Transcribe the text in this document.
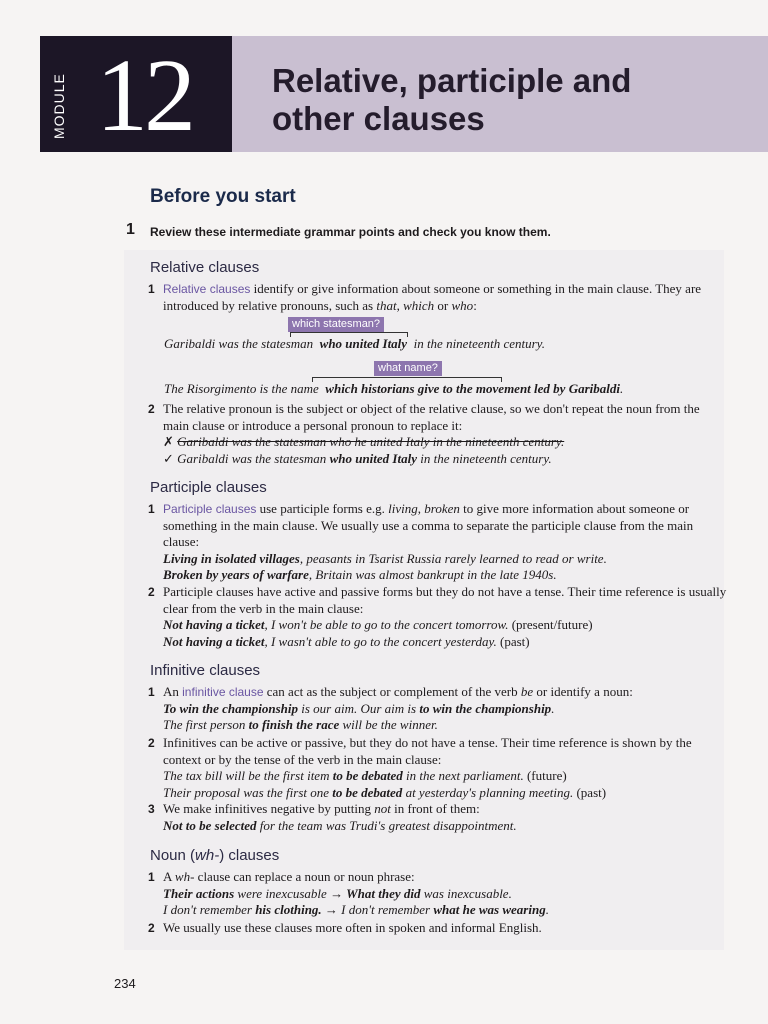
MODULE 12 Relative, participle and
other clauses
Before you start
1 Review these intermediate grammar points and check you know them.
Relative clauses
1 Relative clauses identify or give information about someone or something in the main clause. They are introduced by relative pronouns, such as that, which or who:
which statesman?
Garibaldi was the statesman who united Italy in the nineteenth century.
what name?
The Risorgimento is the name which historians give to the movement led by Garibaldi.
2 The relative pronoun is the subject or object of the relative clause, so we don't repeat the noun from the main clause or introduce a personal pronoun to replace it:
✗ Garibaldi was the statesman who he united Italy in the nineteenth century.
✓ Garibaldi was the statesman who united Italy in the nineteenth century.
Participle clauses
1 Participle clauses use participle forms e.g. living, broken to give more information about someone or something in the main clause. We usually use a comma to separate the participle clause from the main clause:
Living in isolated villages, peasants in Tsarist Russia rarely learned to read or write.
Broken by years of warfare, Britain was almost bankrupt in the late 1940s.
2 Participle clauses have active and passive forms but they do not have a tense. Their time reference is usually clear from the verb in the main clause:
Not having a ticket, I won't be able to go to the concert tomorrow. (present/future)
Not having a ticket, I wasn't able to go to the concert yesterday. (past)
Infinitive clauses
1 An infinitive clause can act as the subject or complement of the verb be or identify a noun:
To win the championship is our aim. Our aim is to win the championship.
The first person to finish the race will be the winner.
2 Infinitives can be active or passive, but they do not have a tense. Their time reference is shown by the context or by the tense of the verb in the main clause:
The tax bill will be the first item to be debated in the next parliament. (future)
Their proposal was the first one to be debated at yesterday's planning meeting. (past)
3 We make infinitives negative by putting not in front of them:
Not to be selected for the team was Trudi's greatest disappointment.
Noun (wh-) clauses
1 A wh- clause can replace a noun or noun phrase:
Their actions were inexcusable → What they did was inexcusable.
I don't remember his clothing. → I don't remember what he was wearing.
2 We usually use these clauses more often in spoken and informal English.
234
